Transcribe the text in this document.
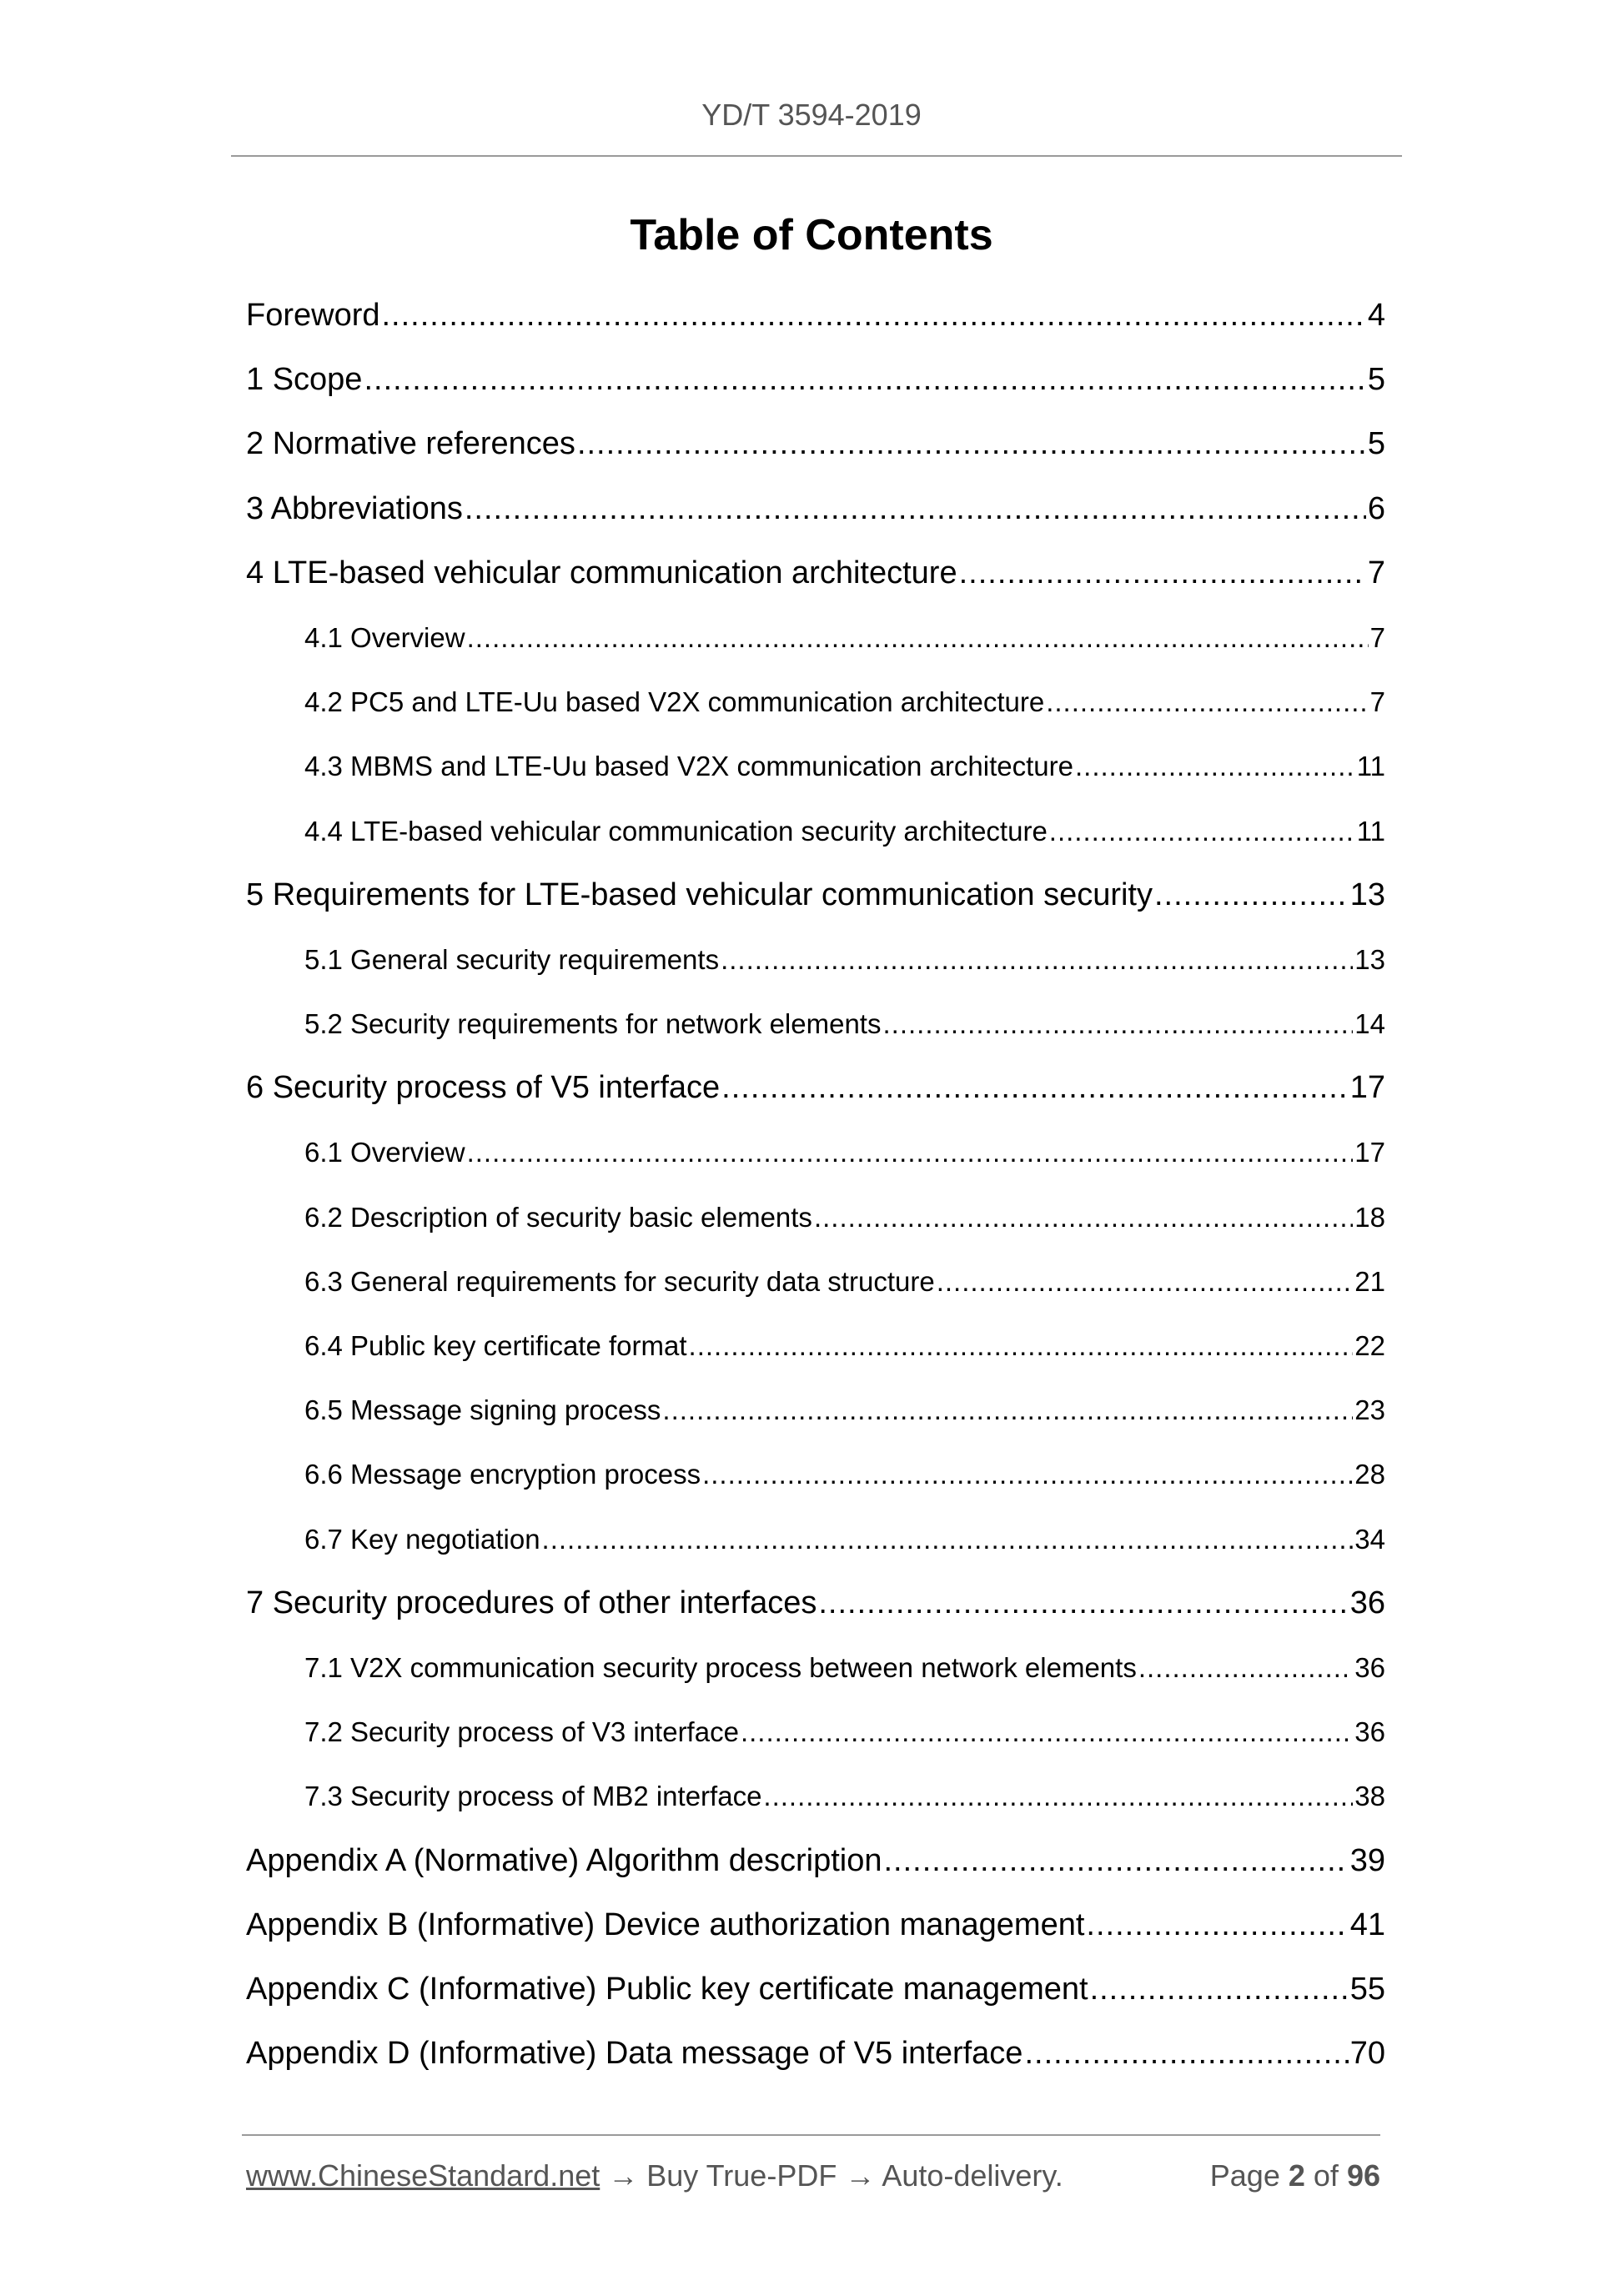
YD/T 3594-2019
Table of Contents
Foreword .....	4
1 Scope .....	5
2 Normative references .....	5
3 Abbreviations .....	6
4 LTE-based vehicular communication architecture .....	7
4.1 Overview .....	7
4.2 PC5 and LTE-Uu based V2X communication architecture .....	7
4.3 MBMS and LTE-Uu based V2X communication architecture .....	11
4.4 LTE-based vehicular communication security architecture .....	11
5 Requirements for LTE-based vehicular communication security .....	13
5.1 General security requirements .....	13
5.2 Security requirements for network elements .....	14
6 Security process of V5 interface .....	17
6.1 Overview .....	17
6.2 Description of security basic elements .....	18
6.3 General requirements for security data structure .....	21
6.4 Public key certificate format .....	22
6.5 Message signing process .....	23
6.6 Message encryption process .....	28
6.7 Key negotiation .....	34
7 Security procedures of other interfaces .....	36
7.1 V2X communication security process between network elements .....	36
7.2 Security process of V3 interface .....	36
7.3 Security process of MB2 interface .....	38
Appendix A (Normative) Algorithm description .....	39
Appendix B (Informative) Device authorization management .....	41
Appendix C (Informative) Public key certificate management .....	55
Appendix D (Informative) Data message of V5 interface .....	70
www.ChineseStandard.net → Buy True-PDF → Auto-delivery.	Page 2 of 96
